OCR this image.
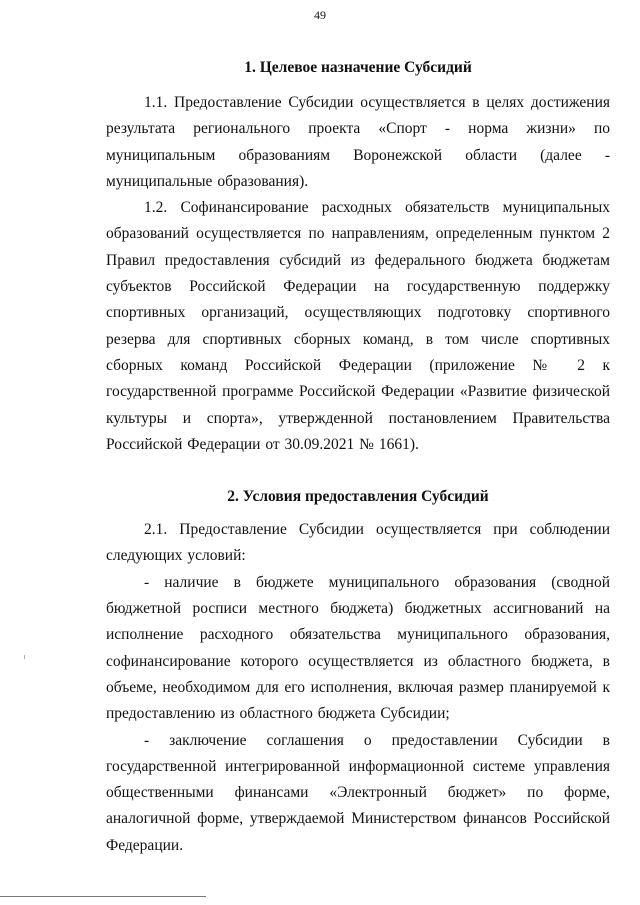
49
1. Целевое назначение Субсидий

1.1. Предоставление Субсидии осуществляется в целях достижения результата регионального проекта «Спорт - норма жизни» по муниципальным образованиям Воронежской области (далее - муниципальные образования).

1.2. Софинансирование расходных обязательств муниципальных образований осуществляется по направлениям, определенным пунктом 2 Правил предоставления субсидий из федерального бюджета бюджетам субъектов Российской Федерации на государственную поддержку спортивных организаций, осуществляющих подготовку спортивного резерва для спортивных сборных команд, в том числе спортивных сборных команд Российской Федерации (приложение № 2 к государственной программе Российской Федерации «Развитие физической культуры и спорта», утвержденной постановлением Правительства Российской Федерации от 30.09.2021 № 1661).

2. Условия предоставления Субсидий

2.1. Предоставление Субсидии осуществляется при соблюдении следующих условий:

- наличие в бюджете муниципального образования (сводной бюджетной росписи местного бюджета) бюджетных ассигнований на исполнение расходного обязательства муниципального образования, софинансирование которого осуществляется из областного бюджета, в объеме, необходимом для его исполнения, включая размер планируемой к предоставлению из областного бюджета Субсидии;

- заключение соглашения о предоставлении Субсидии в государственной интегрированной информационной системе управления общественными финансами «Электронный бюджет» по форме, аналогичной форме, утверждаемой Министерством финансов Российской Федерации.
